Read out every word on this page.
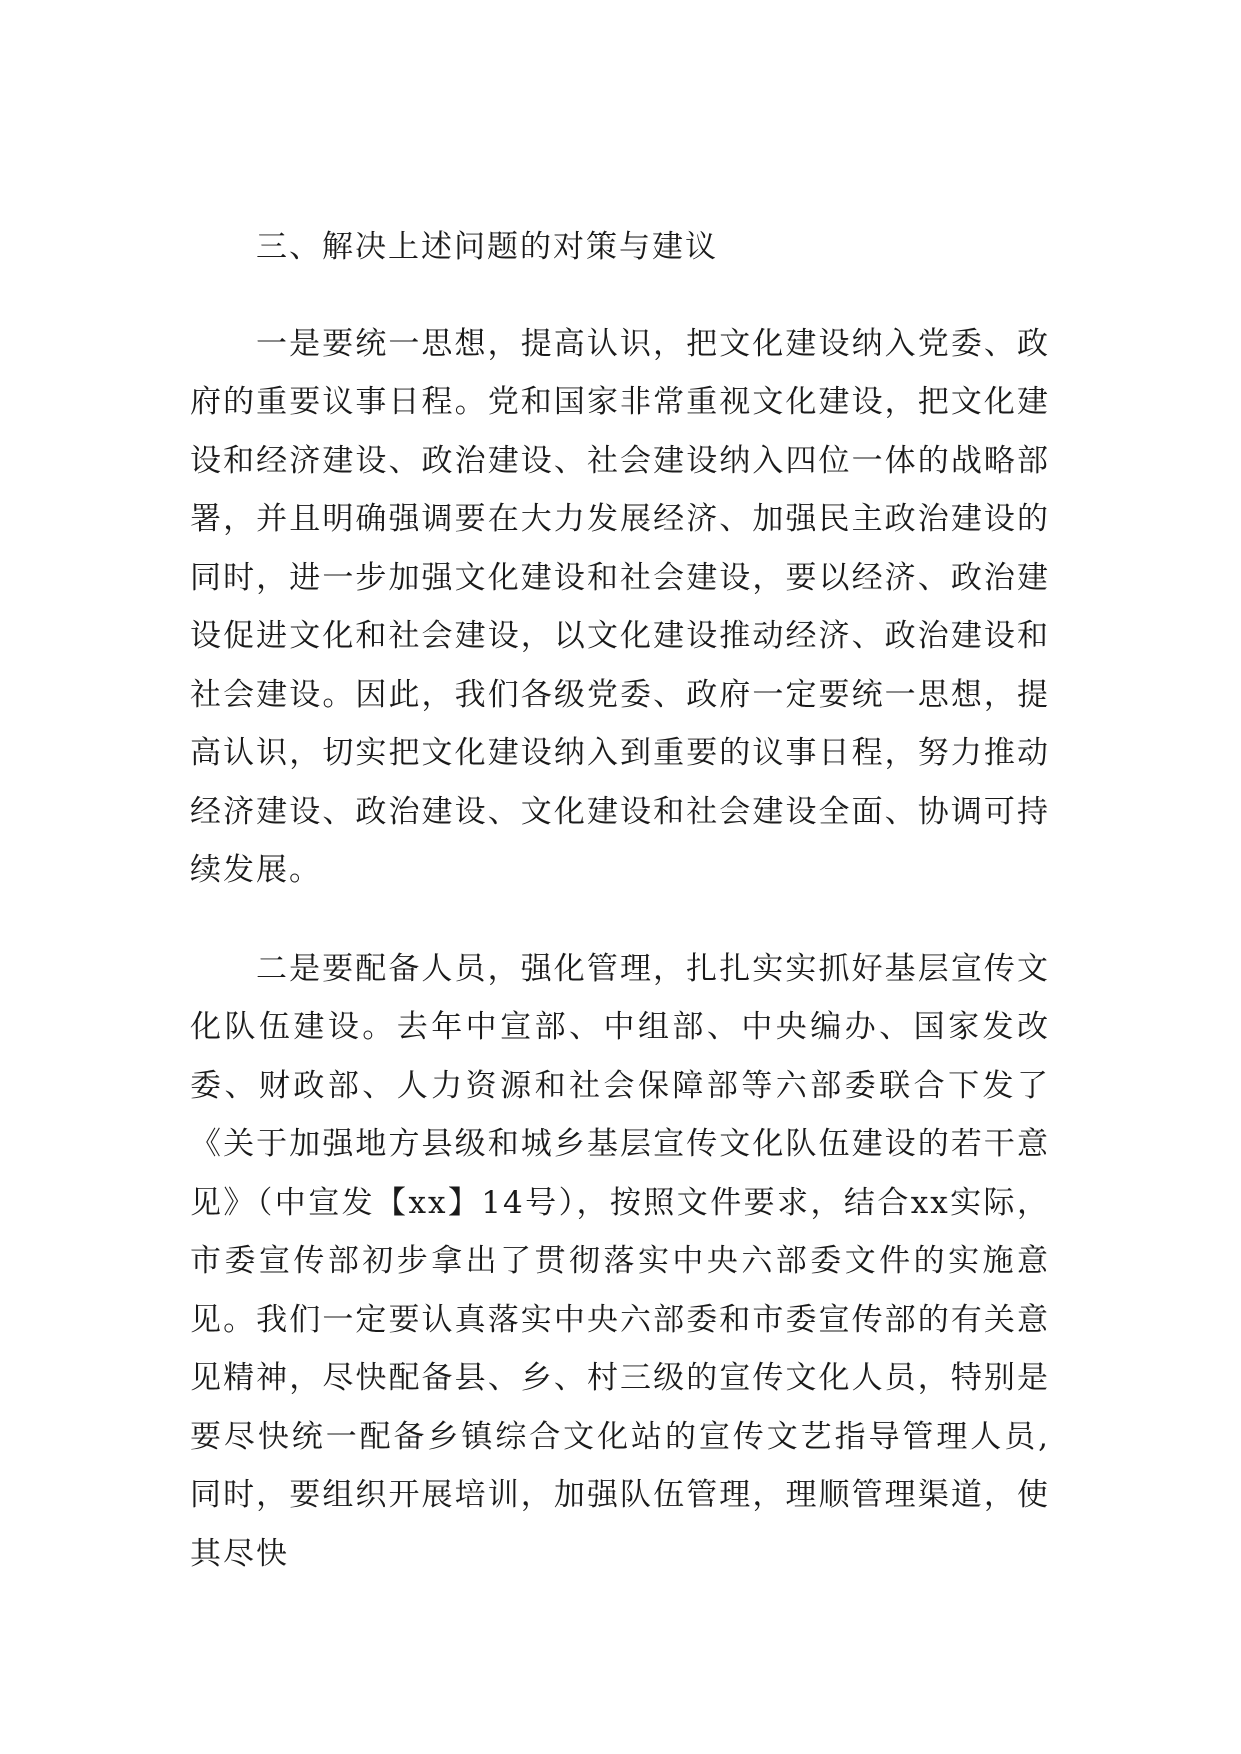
三、解决上述问题的对策与建议

一是要统一思想，提高认识，把文化建设纳入党委、政府的重要议事日程。党和国家非常重视文化建设，把文化建设和经济建设、政治建设、社会建设纳入四位一体的战略部署，并且明确强调要在大力发展经济、加强民主政治建设的同时，进一步加强文化建设和社会建设，要以经济、政治建设促进文化和社会建设，以文化建设推动经济、政治建设和社会建设。因此，我们各级党委、政府一定要统一思想，提高认识，切实把文化建设纳入到重要的议事日程，努力推动经济建设、政治建设、文化建设和社会建设全面、协调可持续发展。

二是要配备人员，强化管理，扎扎实实抓好基层宣传文化队伍建设。去年中宣部、中组部、中央编办、国家发改委、财政部、人力资源和社会保障部等六部委联合下发了《关于加强地方县级和城乡基层宣传文化队伍建设的若干意见》（中宣发【xx】14号），按照文件要求，结合xx实际，市委宣传部初步拿出了贯彻落实中央六部委文件的实施意见。我们一定要认真落实中央六部委和市委宣传部的有关意见精神，尽快配备县、乡、村三级的宣传文化人员，特别是要尽快统一配备乡镇综合文化站的宣传文艺指导管理人员,同时，要组织开展培训，加强队伍管理，理顺管理渠道，使其尽快
